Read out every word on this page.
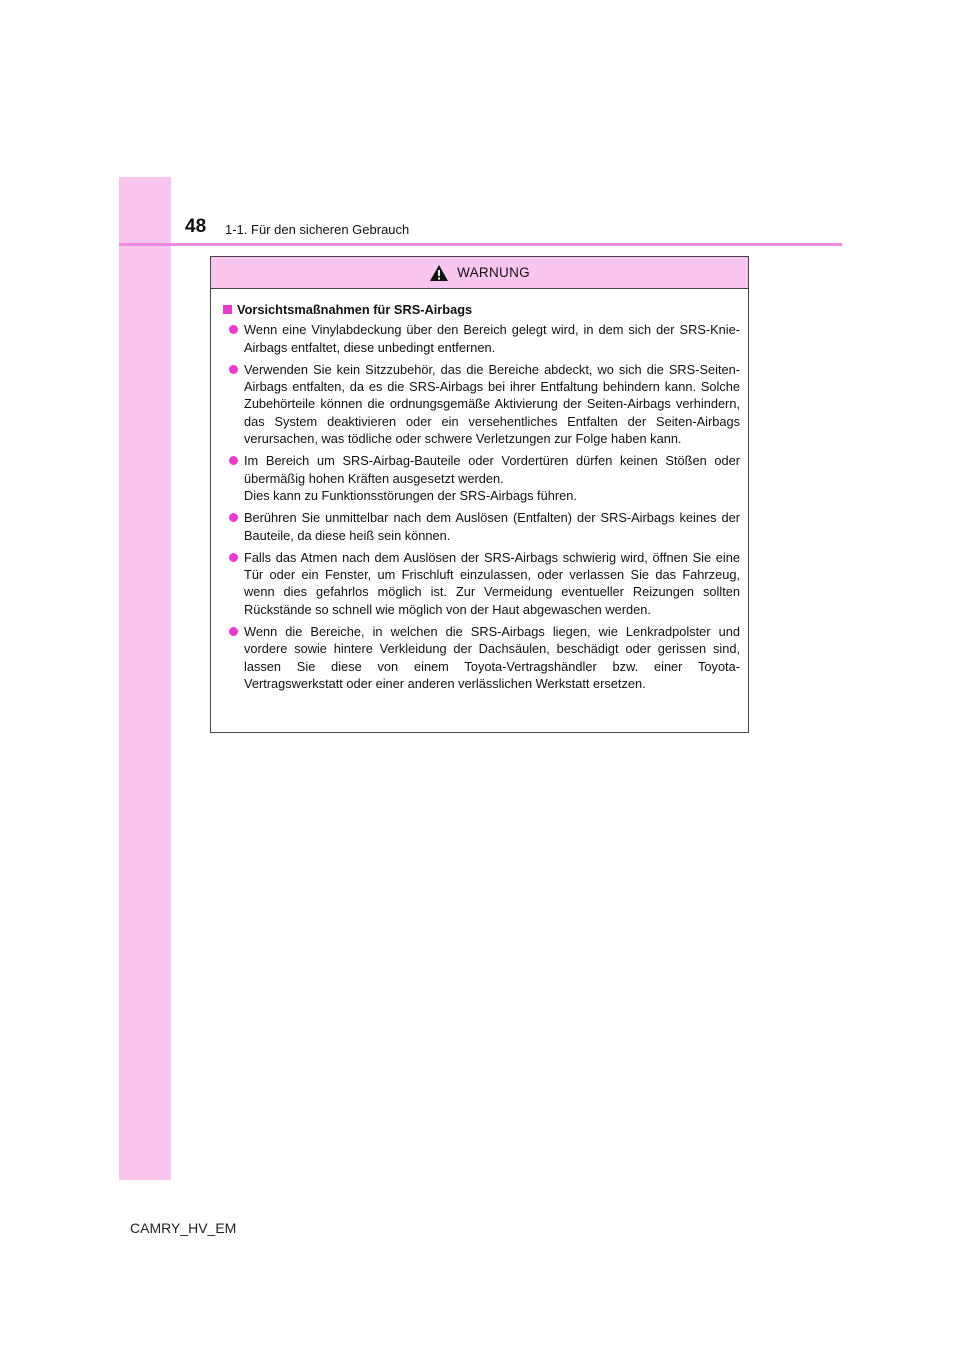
48 1-1. Für den sicheren Gebrauch
WARNUNG
Vorsichtsmaßnahmen für SRS-Airbags
Wenn eine Vinylabdeckung über den Bereich gelegt wird, in dem sich der SRS-Knie-Airbags entfaltet, diese unbedingt entfernen.
Verwenden Sie kein Sitzzubehör, das die Bereiche abdeckt, wo sich die SRS-Seiten-Airbags entfalten, da es die SRS-Airbags bei ihrer Entfaltung behindern kann. Solche Zubehörteile können die ordnungsgemäße Aktivierung der Seiten-Airbags verhindern, das System deaktivieren oder ein versehentliches Entfalten der Seiten-Airbags verursachen, was tödliche oder schwere Verletzungen zur Folge haben kann.
Im Bereich um SRS-Airbag-Bauteile oder Vordertüren dürfen keinen Stößen oder übermäßig hohen Kräften ausgesetzt werden.
Dies kann zu Funktionsstörungen der SRS-Airbags führen.
Berühren Sie unmittelbar nach dem Auslösen (Entfalten) der SRS-Airbags keines der Bauteile, da diese heiß sein können.
Falls das Atmen nach dem Auslösen der SRS-Airbags schwierig wird, öffnen Sie eine Tür oder ein Fenster, um Frischluft einzulassen, oder verlassen Sie das Fahrzeug, wenn dies gefahrlos möglich ist. Zur Vermeidung eventueller Reizungen sollten Rückstände so schnell wie möglich von der Haut abgewaschen werden.
Wenn die Bereiche, in welchen die SRS-Airbags liegen, wie Lenkradpolster und vordere sowie hintere Verkleidung der Dachsäulen, beschädigt oder gerissen sind, lassen Sie diese von einem Toyota-Vertragshändler bzw. einer Toyota-Vertragswerkstatt oder einer anderen verlässlichen Werkstatt ersetzen.
CAMRY_HV_EM
